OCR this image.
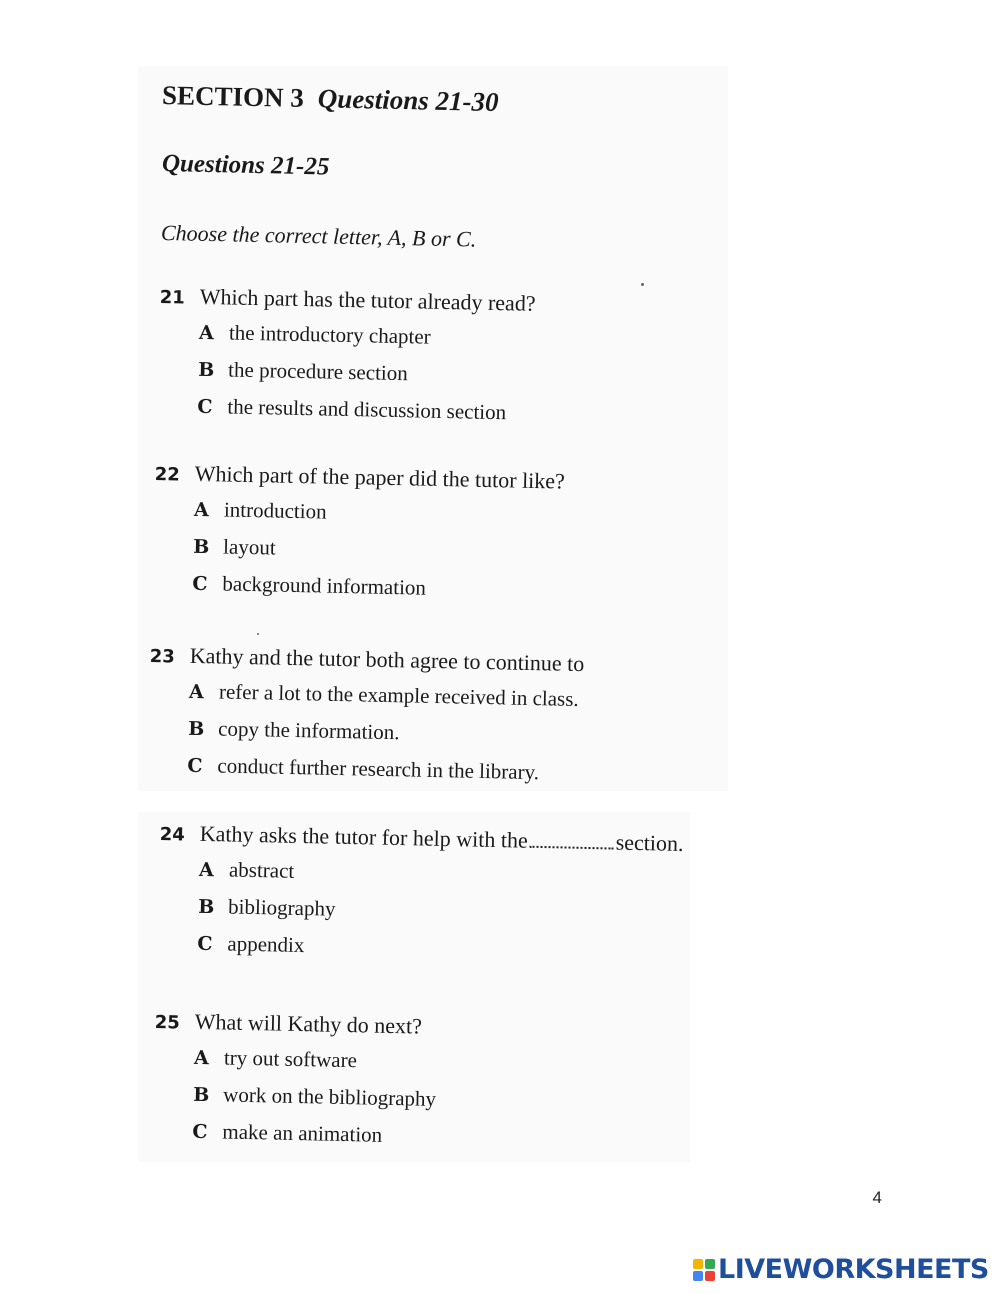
SECTION 3 Questions 21-30
Questions 21-25
Choose the correct letter, A, B or C.
21 Which part has the tutor already read?
A the introductory chapter
B the procedure section
C the results and discussion section
22 Which part of the paper did the tutor like?
A introduction
B layout
C background information
23 Kathy and the tutor both agree to continue to
A refer a lot to the example received in class.
B copy the information.
C conduct further research in the library.
24 Kathy asks the tutor for help with the	section.
A abstract
B bibliography
C appendix
25 What will Kathy do next?
A try out software
B work on the bibliography
C make an animation
4
LIVEWORKSHEETS
